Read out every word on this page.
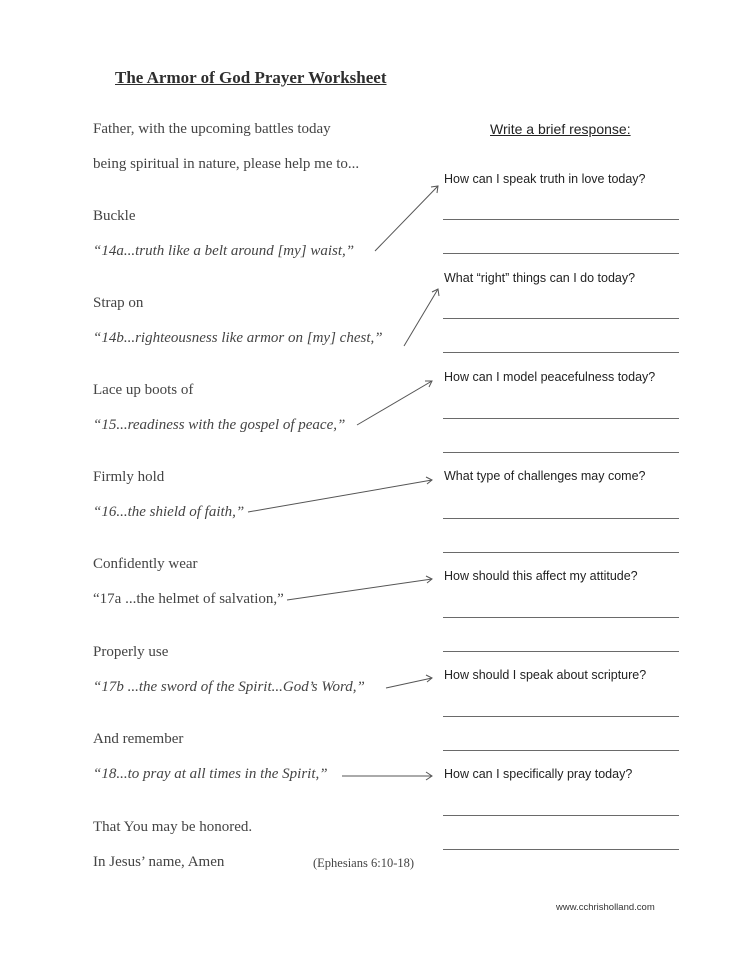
The Armor of God Prayer Worksheet
Father, with the upcoming battles today
being spiritual in nature, please help me to...
Write a brief response:
Buckle
“14a...truth like a belt around [my] waist,”
How can I speak truth in love today?
Strap on
“14b...righteousness like armor on [my] chest,”
What “right” things can I do today?
Lace up boots of
“15...readiness with the gospel of peace,”
How can I model peacefulness today?
Firmly hold
“16...the shield of faith,”
What type of challenges may come?
Confidently wear
“17a ...the helmet of salvation,”
How should this affect my attitude?
Properly use
“17b ...the sword of the Spirit...God’s Word,”
How should I speak about scripture?
And remember
“18...to pray at all times in the Spirit,”	How can I specifically pray today?
That You may be honored.
In Jesus’ name, Amen	(Ephesians 6:10-18)
www.cchrisholland.com
